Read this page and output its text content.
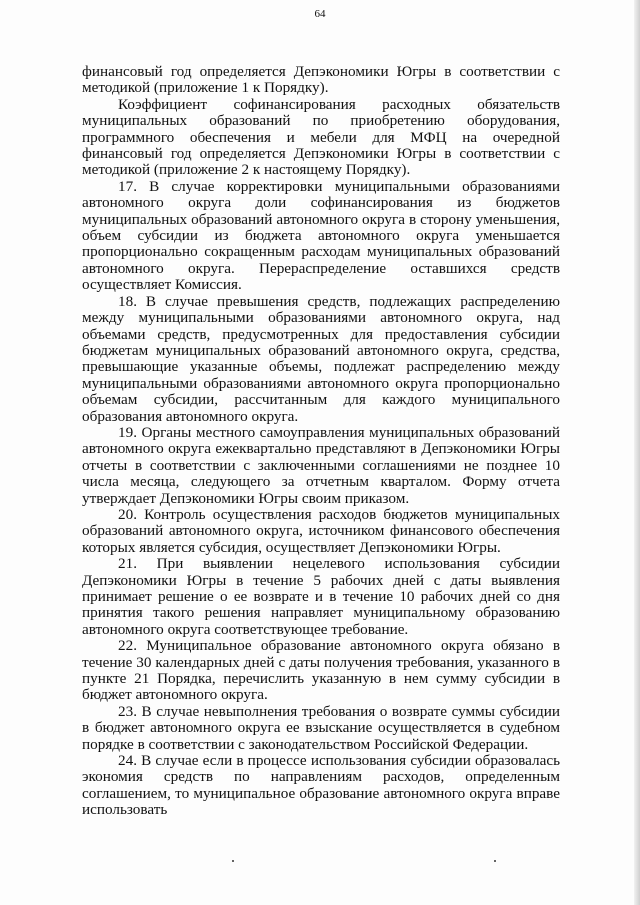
64

финансовый год определяется Депэкономики Югры в соответствии с методикой (приложение 1 к Порядку).

Коэффициент софинансирования расходных обязательств муниципальных образований по приобретению оборудования, программного обеспечения и мебели для МФЦ на очередной финансовый год определяется Депэкономики Югры в соответствии с методикой (приложение 2 к настоящему Порядку).

17. В случае корректировки муниципальными образованиями автономного округа доли софинансирования из бюджетов муниципальных образований автономного округа в сторону уменьшения, объем субсидии из бюджета автономного округа уменьшается пропорционально сокращенным расходам муниципальных образований автономного округа. Перераспределение оставшихся средств осуществляет Комиссия.

18. В случае превышения средств, подлежащих распределению между муниципальными образованиями автономного округа, над объемами средств, предусмотренных для предоставления субсидии бюджетам муниципальных образований автономного округа, средства, превышающие указанные объемы, подлежат распределению между муниципальными образованиями автономного округа пропорционально объемам субсидии, рассчитанным для каждого муниципального образования автономного округа.

19. Органы местного самоуправления муниципальных образований автономного округа ежеквартально представляют в Депэкономики Югры отчеты в соответствии с заключенными соглашениями не позднее 10 числа месяца, следующего за отчетным кварталом. Форму отчета утверждает Депэкономики Югры своим приказом.

20. Контроль осуществления расходов бюджетов муниципальных образований автономного округа, источником финансового обеспечения которых является субсидия, осуществляет Депэкономики Югры.

21. При выявлении нецелевого использования субсидии Депэкономики Югры в течение 5 рабочих дней с даты выявления принимает решение о ее возврате и в течение 10 рабочих дней со дня принятия такого решения направляет муниципальному образованию автономного округа соответствующее требование.

22. Муниципальное образование автономного округа обязано в течение 30 календарных дней с даты получения требования, указанного в пункте 21 Порядка, перечислить указанную в нем сумму субсидии в бюджет автономного округа.

23. В случае невыполнения требования о возврате суммы субсидии в бюджет автономного округа ее взыскание осуществляется в судебном порядке в соответствии с законодательством Российской Федерации.

24. В случае если в процессе использования субсидии образовалась экономия средств по направлениям расходов, определенным соглашением, то муниципальное образование автономного округа вправе использовать
